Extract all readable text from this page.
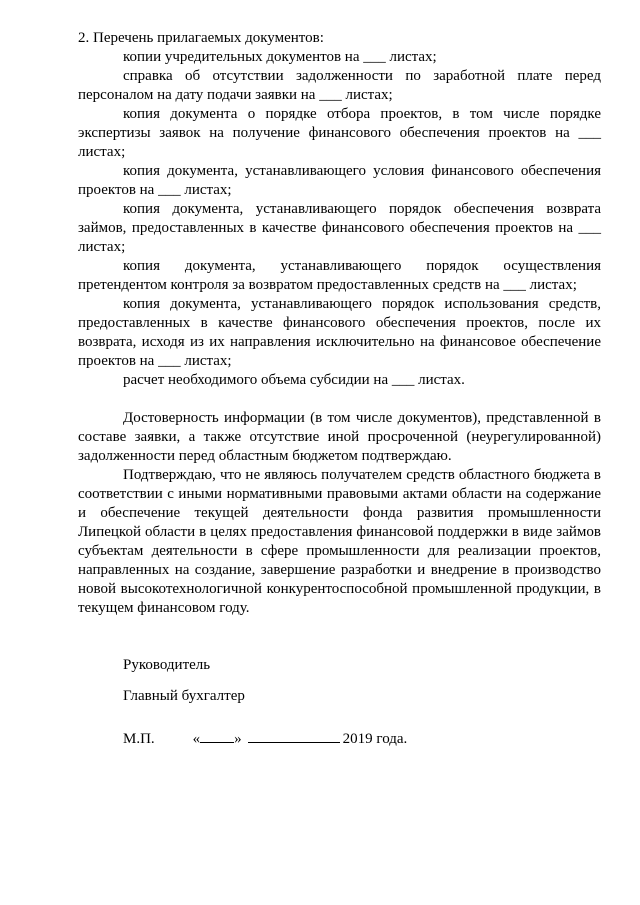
2. Перечень прилагаемых документов:

копии учредительных документов на ___ листах;

справка об отсутствии задолженности по заработной плате перед персоналом на дату подачи заявки на ___ листах;

копия документа о порядке отбора проектов, в том числе порядке экспертизы заявок на получение финансового обеспечения проектов на ___ листах;

копия документа, устанавливающего условия финансового обеспечения проектов на ___ листах;

копия документа, устанавливающего порядок обеспечения возврата займов, предоставленных в качестве финансового обеспечения проектов на ___ листах;

копия документа, устанавливающего порядок осуществления претендентом контроля за возвратом предоставленных средств на ___ листах;

копия документа, устанавливающего порядок использования средств, предоставленных в качестве финансового обеспечения проектов, после их возврата, исходя из их направления исключительно на финансовое обеспечение проектов на ___ листах;

расчет необходимого объема субсидии на ___ листах.

Достоверность информации (в том числе документов), представленной в составе заявки, а также отсутствие иной просроченной (неурегулированной) задолженности перед областным бюджетом подтверждаю.

Подтверждаю, что не являюсь получателем средств областного бюджета в соответствии с иными нормативными правовыми актами области на содержание и обеспечение текущей деятельности фонда развития промышленности Липецкой области в целях предоставления финансовой поддержки в виде займов субъектам деятельности в сфере промышленности для реализации проектов, направленных на создание, завершение разработки и внедрение в производство новой высокотехнологичной конкурентоспособной промышленной продукции, в текущем финансовом году.

Руководитель

Главный бухгалтер

М.П.	« »	2019 года.
